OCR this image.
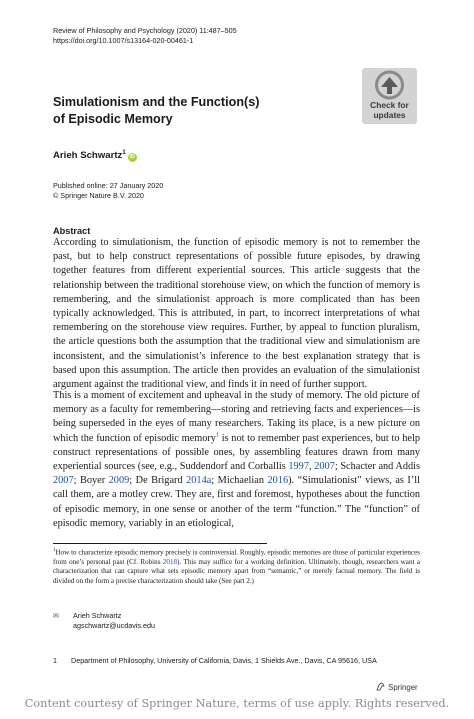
Review of Philosophy and Psychology (2020) 11:487–505
https://doi.org/10.1007/s13164-020-00461-1
Check for
updates
Simulationism and the Function(s)
of Episodic Memory
Arieh Schwartz$^1$iD
Published online: 27 January 2020
© Springer Nature B.V. 2020
Abstract
According to simulationism, the function of episodic memory is not to remember the past, but to help construct representations of possible future episodes, by drawing together features from different experiential sources. This article suggests that the relationship between the traditional storehouse view, on which the function of memory is remembering, and the simulationist approach is more complicated than has been typically acknowledged. This is attributed, in part, to incorrect interpretations of what remembering on the storehouse view requires. Further, by appeal to function pluralism, the article questions both the assumption that the traditional view and simulationism are inconsistent, and the simulationist’s inference to the best explanation strategy that is based upon this assumption. The article then provides an evaluation of the simulationist argument against the traditional view, and finds it in need of further support.
This is a moment of excitement and upheaval in the study of memory. The old picture of memory as a faculty for remembering—storing and retrieving facts and experiences—is being superseded in the eyes of many researchers. Taking its place, is a new picture on which the function of episodic memory$^1$ is not to remember past experiences, but to help construct representations of possible ones, by assembling features drawn from many experiential sources (see, e.g., Suddendorf and Corballis 1997, 2007; Schacter and Addis 2007; Boyer 2009; De Brigard 2014a; Michaelian 2016). “Simulationist” views, as I’ll call them, are a motley crew. They are, first and foremost, hypotheses about the function of episodic memory, in one sense or another of the term “function.” The “function” of episodic memory, variably in an etiological,
$^1$How to characterize episodic memory precisely is controversial. Roughly, episodic memories are those of particular experiences from one’s personal past (Cf. Robins 2018). This may suffice for a working definition. Ultimately, though, researchers want a characterization that can capture what sets episodic memory apart from “semantic,” or merely factual memory. The field is divided on the form a precise characterization should take (See part 2.)
✉ Arieh Schwartz
agschwartz@ucdavis.edu
1 Department of Philosophy, University of California, Davis, 1 Shields Ave., Davis, CA 95616, USA
Springer
Content courtesy of Springer Nature, terms of use apply. Rights reserved.
